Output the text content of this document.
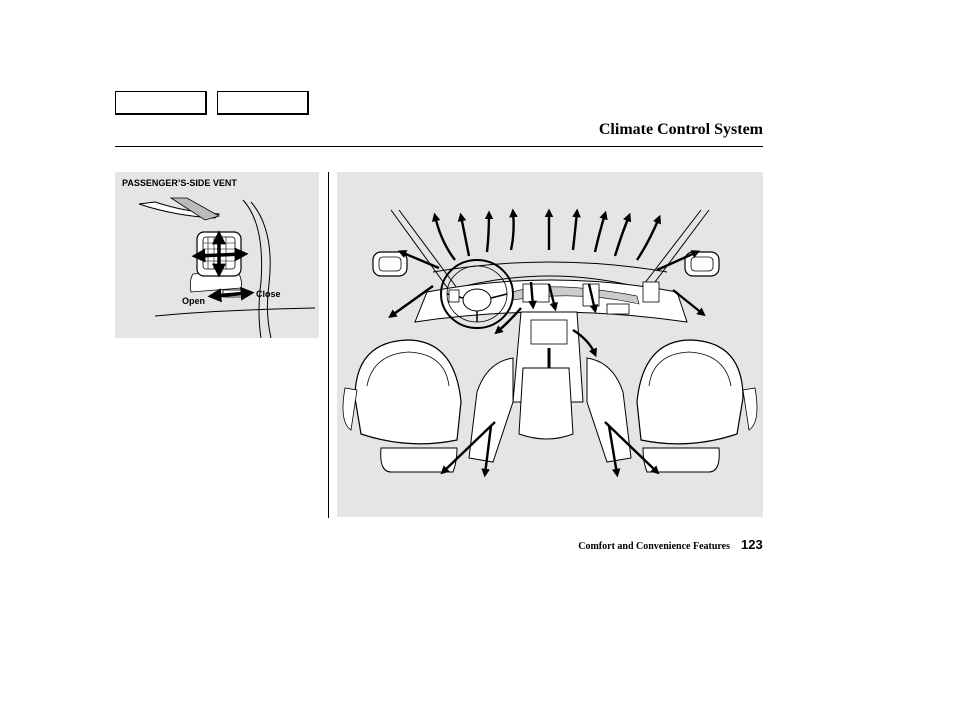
Climate Control System
PASSENGER’S-SIDE VENT
Open
Close
Comfort and Convenience Features 123
